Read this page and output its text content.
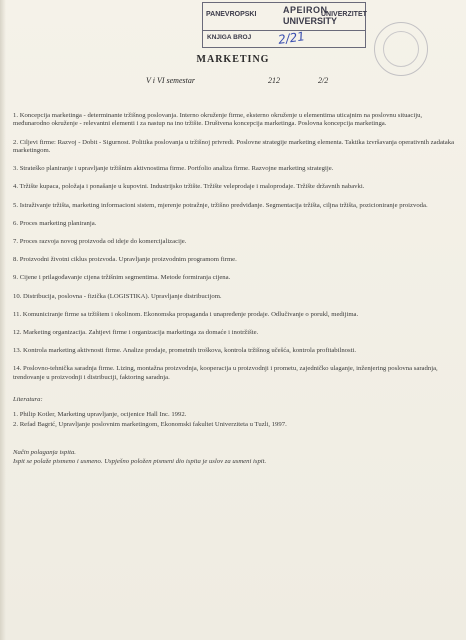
PANEVROPSKI	APEIRON
UNIVERZITET
UNIVERSITY
KNJIGA BROJ	2/21
MARKETING
V i VI semestar	212	2/2
1. Koncepcija marketinga - determinante tržišnog poslovanja. Interno okruženje firme, eksterno okruženje u elementima uticajnim na poslovnu situaciju, međunarodno okruženje - relevantni elementi i za nastup na ino tržište. Društvena koncepcija marketinga. Poslovna koncepcija marketinga.
2. Ciljevi firme: Razvoj - Dobit - Sigurnost. Politika poslovanja u tržišnoj privredi. Poslovne strategije marketing elementa. Taktika izvršavanja operativnih zadataka marketingom.
3. Strateško planiranje i upravljanje tržišnim aktivnostima firme. Portfolio analiza firme. Razvojne marketing strategije.
4. Tržište kupaca, položaja i ponašanje u kupovini. Industrijsko tržište. Tržište veleprodaje i maloprodaje. Tržište državnih nabavki.
5. Istraživanje tržišta, marketing informacioni sistem, mjerenje potražnje, tržišno predviđanje. Segmentacija tržišta, ciljna tržišta, pozicioniranje proizvoda.
6. Proces marketing planiranja.
7. Proces razvoja novog proizvoda od ideje do komercijalizacije.
8. Proizvodni životni ciklus proizvoda. Upravljanje proizvodnim programom firme.
9. Cijene i prilagođavanje cijena tržišnim segmentima. Metode formiranja cijena.
10. Distribucija, poslovna - fizička (LOGISTIKA). Upravljanje distribucijom.
11. Komuniciranje firme sa tržištem i okolinom. Ekonomska propaganda i unapređenje prodaje. Odlučivanje o porukl, medijima.
12. Marketing organizacija. Zahtjevi firme i organizacija marketinga za domaće i inotržište.
13. Kontrola marketing aktivnosti firme. Analize prodaje, prometnih troškova, kontrola tržišnog učešća, kontrola profitabilnosti.
14. Poslovno-tehnička saradnja firme. Lizing, montažna proizvodnja, kooperacija u proizvodnji i prometu, zajedničko ulaganje, inženjering poslovna saradnja, trendovanje u proizvodnji i distribuciji, faktoring saradnja.
Literatura:
1. Philip Kotler, Marketing upravljanje, ocijenice Hall Inc. 1992.
2. Refad Bagrić, Upravljanje poslovnim marketingom, Ekonomski fakultet Univerziteta u Tuzli, 1997.
Način polaganja ispita.
Ispit se polaže pismeno i usmeno. Uspješno položen pismeni dio ispita je uslov za usmeni ispit.
